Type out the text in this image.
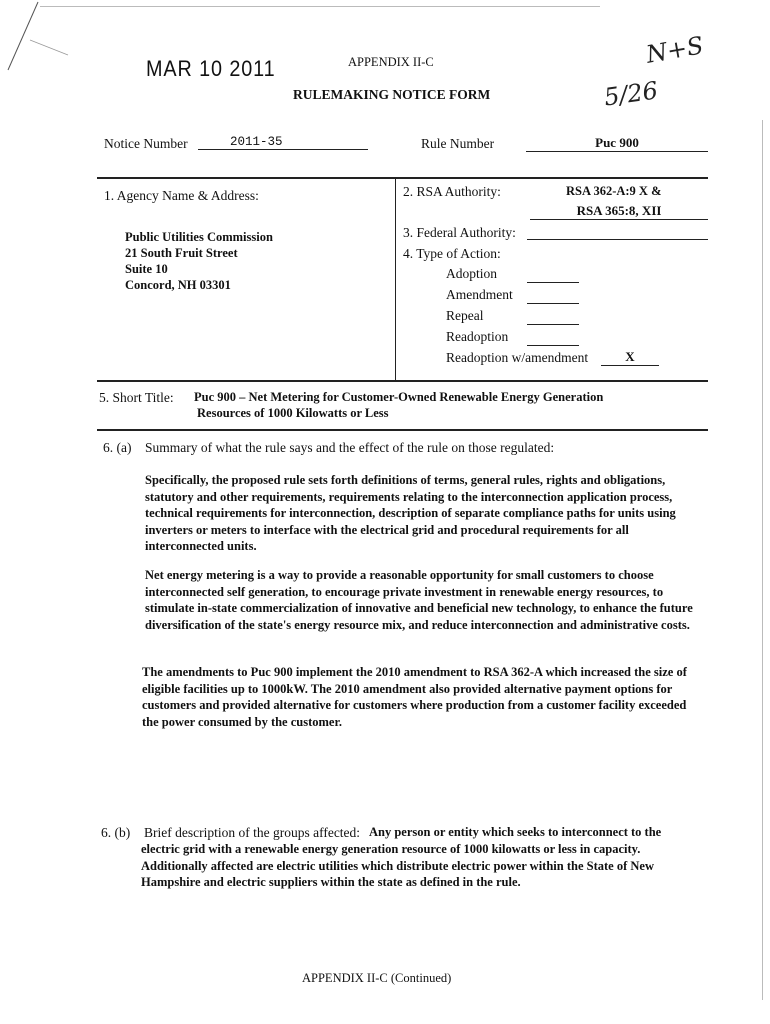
MAR 10 2011	APPENDIX II-C
RULEMAKING NOTICE FORM
N+S
5/26
Notice Number	2011-35	Rule Number	Puc 900
1. Agency Name & Address:
Public Utilities Commission
21 South Fruit Street
Suite 10
Concord, NH 03301
2. RSA Authority:	RSA 362-A:9 X &
RSA 365:8, XII
3. Federal Authority:
4. Type of Action:
Adoption

Amendment

Repeal

Readoption

Readoption w/amendment	X
5. Short Title: Puc 900 – Net Metering for Customer-Owned Renewable Energy Generation
Resources of 1000 Kilowatts or Less
6. (a) Summary of what the rule says and the effect of the rule on those regulated:

Specifically, the proposed rule sets forth definitions of terms, general rules, rights and obligations, statutory and other requirements, requirements relating to the interconnection application process, technical requirements for interconnection, description of separate compliance paths for units using inverters or meters to interface with the electrical grid and procedural requirements for all interconnected units.

Net energy metering is a way to provide a reasonable opportunity for small customers to choose interconnected self generation, to encourage private investment in renewable energy resources, to stimulate in-state commercialization of innovative and beneficial new technology, to enhance the future diversification of the state's energy resource mix, and reduce interconnection and administrative costs.

The amendments to Puc 900 implement the 2010 amendment to RSA 362-A which increased the size of eligible facilities up to 1000kW. The 2010 amendment also provided alternative payment options for customers and provided alternative for customers where production from a customer facility exceeded the power consumed by the customer.

6. (b) Brief description of the groups affected: Any person or entity which seeks to interconnect to the

electric grid with a renewable energy generation resource of 1000 kilowatts or less in capacity. Additionally affected are electric utilities which distribute electric power within the State of New Hampshire and electric suppliers within the state as defined in the rule.

APPENDIX II-C (Continued)
